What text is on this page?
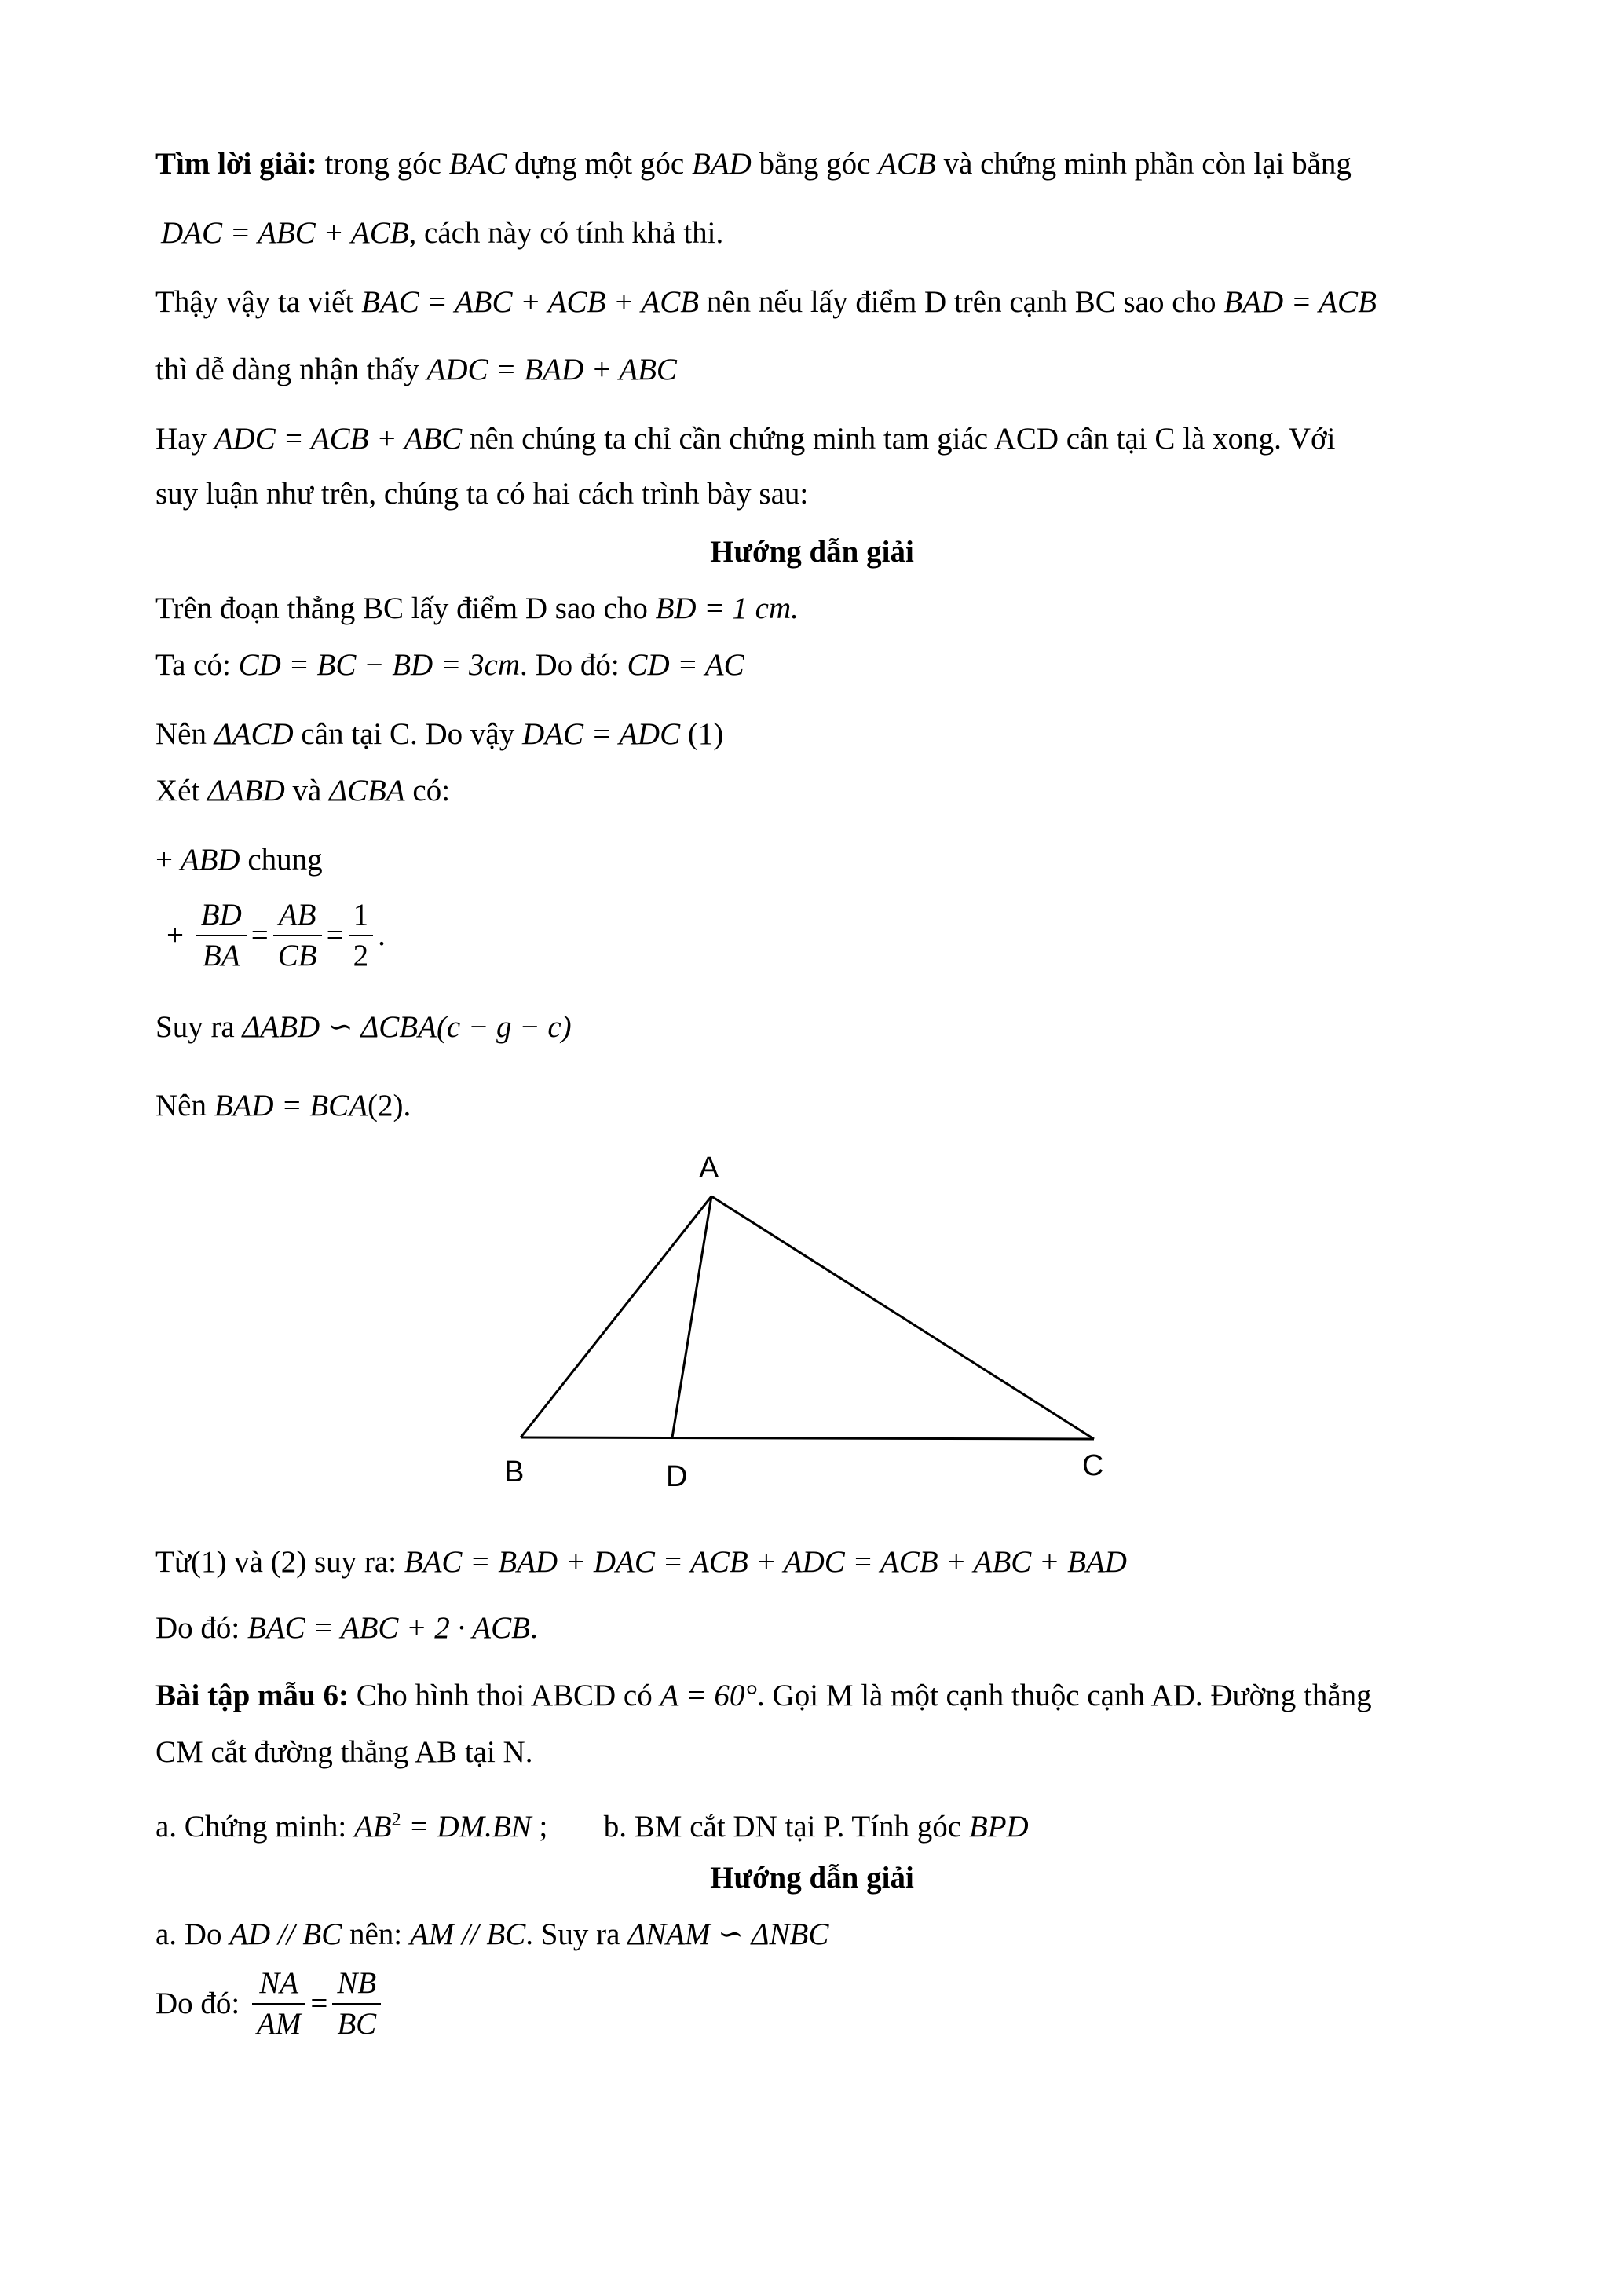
Tìm lời giải: trong góc BAC dựng một góc BAD bằng góc ACB và chứng minh phần còn lại bằng
DAC = ABC + ACB, cách này có tính khả thi.
Thậy vậy ta viết BAC = ABC + ACB + ACB nên nếu lấy điểm D trên cạnh BC sao cho BAD = ACB
thì dễ dàng nhận thấy ADC = BAD + ABC
Hay ADC = ACB + ABC nên chúng ta chỉ cần chứng minh tam giác ACD cân tại C là xong. Với
suy luận như trên, chúng ta có hai cách trình bày sau:
Hướng dẫn giải
Trên đoạn thẳng BC lấy điểm D sao cho BD = 1 cm.
Ta có: CD = BC − BD = 3cm. Do đó: CD = AC
Nên ΔACD cân tại C. Do vậy DAC = ADC (1)
Xét ΔABD và ΔCBA có:
+ ABD chung
+ $\frac{BD}{BA} = \frac{AB}{CB} = \frac{1}{2}$ .
Suy ra ΔABD ∽ ΔCBA(c − g − c)
Nên BAD = BCA(2).
A
B	D	C
Từ(1) và (2) suy ra: BAC = BAD + DAC = ACB + ADC = ACB + ABC + BAD
Do đó: BAC = ABC + 2 · ACB.
Bài tập mẫu 6: Cho hình thoi ABCD có A = 60°. Gọi M là một cạnh thuộc cạnh AD. Đường thẳng
CM cắt đường thẳng AB tại N.
a. Chứng minh: $AB^2 = DM.BN$ ; b. BM cắt DN tại P. Tính góc BPD
Hướng dẫn giải
a. Do AD // BC nên: AM // BC. Suy ra ΔNAM ∽ ΔNBC
Do đó: $\frac{NA}{AM} = \frac{NB}{BC}$
